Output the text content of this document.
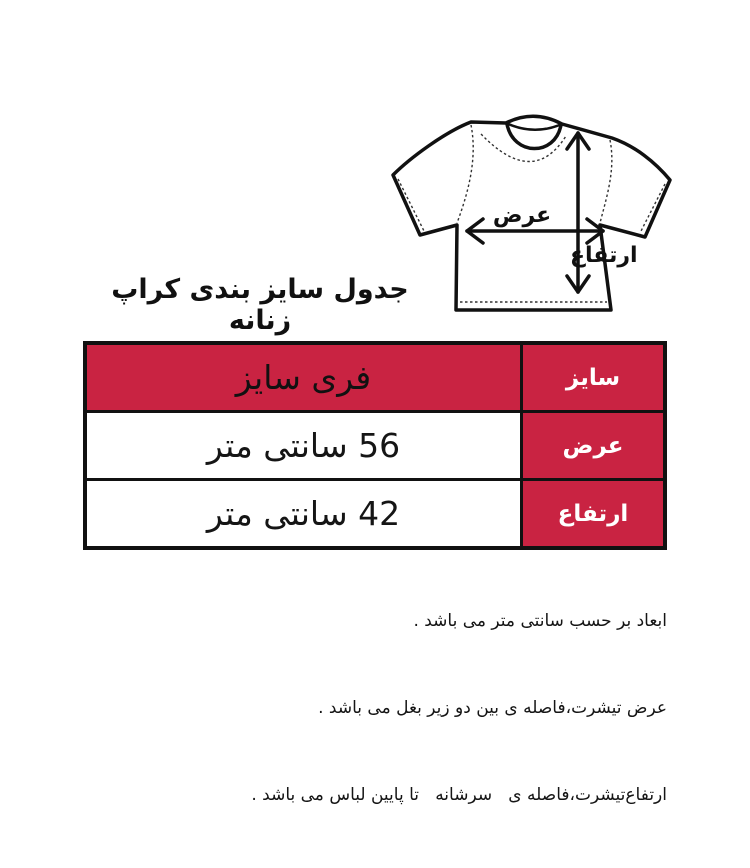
عرض
ارتفاع
جدول سایز بندی کراپ زنانه
سایز	فری سایز
عرض	56 سانتی متر
ارتفاع	42 سانتی متر

ابعاد بر حسب سانتی متر می باشد .

عرض تیشرت،فاصله ی بین دو زیر بغل می باشد .

ارتفاع‌تیشرت،فاصله ی   سرشانه   تا پایین لباس می باشد .
